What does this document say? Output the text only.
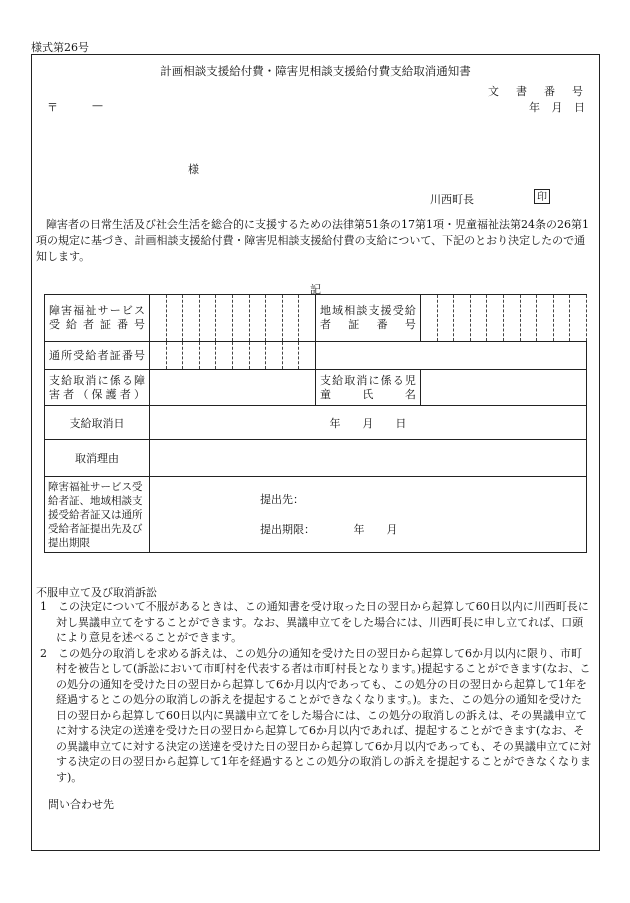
様式第26号
計画相談支援給付費・障害児相談支援給付費支給取消通知書
文書番号
〒	—	年 月 日
様
川西町長	印
障害者の日常生活及び社会生活を総合的に支援するための法律第51条の17第1項・児童福祉法第24条の26第1項の規定に基づき、計画相談支援給付費・障害児相談支援給付費の支給について、下記のとおり決定したので通知します。
記
障害福祉サービス受給者証番号											地域相談支援受給者証番号										
通所受給者証番号																					
支給取消に係る障害者（保護者）											支給取消に係る児童氏名										
支給取消日	年　　月　　日																				
取消理由																					
障害福祉サービス受給者証、地域相談支援受給者証又は通所受給者証提出先及び提出期限	提出先：
提出期限：　　　　年　　月																				
不服申立て及び取消訴訟

1　この決定について不服があるときは、この通知書を受け取った日の翌日から起算して60日以内に川西町長に対し異議申立てをすることができます。なお、異議申立てをした場合には、川西町長に申し立てれば、口頭により意見を述べることができます。

2　この処分の取消しを求める訴えは、この処分の通知を受けた日の翌日から起算して6か月以内に限り、市町村を被告として(訴訟において市町村を代表する者は市町村長となります。)提起することができます(なお、この処分の通知を受けた日の翌日から起算して6か月以内であっても、この処分の日の翌日から起算して1年を経過するとこの処分の取消しの訴えを提起することができなくなります。)。また、この処分の通知を受けた日の翌日から起算して60日以内に異議申立てをした場合には、この処分の取消しの訴えは、その異議申立てに対する決定の送達を受けた日の翌日から起算して6か月以内であれば、提起することができます(なお、その異議申立てに対する決定の送達を受けた日の翌日から起算して6か月以内であっても、その異議申立てに対する決定の日の翌日から起算して1年を経過するとこの処分の取消しの訴えを提起することができなくなります)。

問い合わせ先
